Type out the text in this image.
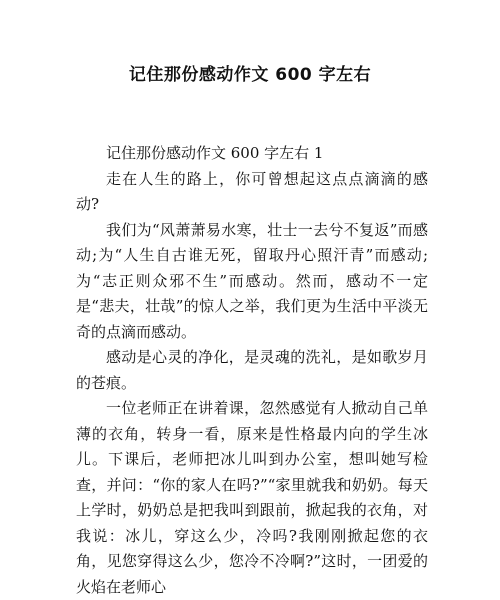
记住那份感动作文 600 字左右

记住那份感动作文 600 字左右 1

走在人生的路上，你可曾想起这点点滴滴的感动?

我们为“风萧萧易水寒，壮士一去兮不复返”而感动;为“人生自古谁无死，留取丹心照汗青”而感动;为“志正则众邪不生”而感动。然而，感动不一定是“悲夫，壮哉”的惊人之举，我们更为生活中平淡无奇的点滴而感动。

感动是心灵的净化，是灵魂的洗礼，是如歌岁月的苍痕。

一位老师正在讲着课，忽然感觉有人掀动自己单薄的衣角，转身一看，原来是性格最内向的学生冰儿。下课后，老师把冰儿叫到办公室，想叫她写检查，并问：“你的家人在吗?”“家里就我和奶奶。每天上学时，奶奶总是把我叫到跟前，掀起我的衣角，对我说：冰儿，穿这么少，冷吗?我刚刚掀起您的衣角，见您穿得这么少，您冷不冷啊?”这时，一团爱的火焰在老师心
